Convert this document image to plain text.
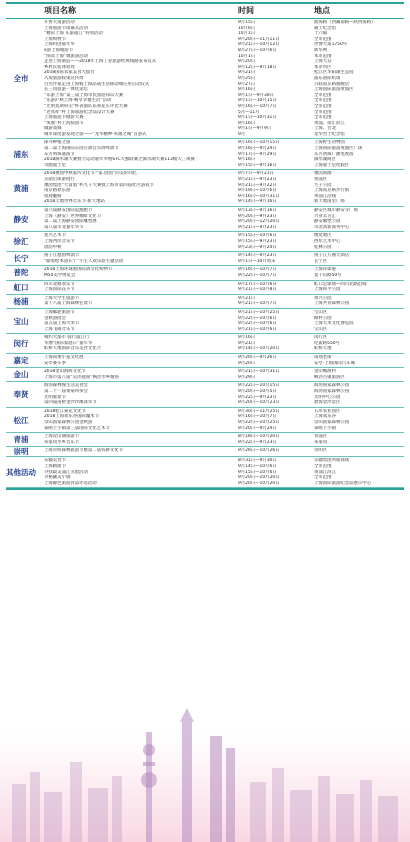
项目名称	时间	地点
全市
开香大道游活动	9月15日	淮海路（西藏南路—陕西南路）
上海旅游节闭幕式活动	10月6日	通士纪念馆
“精彩上海 乐游浦江”特别活动	10月1日	十六铺
上海购物节	9月20日—11月11日	全市范围
上海科创嘉年华	9月21日—10月12日	世博大道1750号
e游上海微游节	8月27日—10月6日	新华网
“阅读上海”微旅游活动	10月1日	本市范围
走进上海制造——2018年上海工业旅游经典线路发布仪式	9月20日	上海大众
乡村民宿体验周	9月12日—9月18日	本市所区
2018国际农家美食大擂台	9月21日	松江区华阳湖生态园
入境旅游政策宣传周	9月25日	浦东国际机场
百名作家走进上海暨上海品质生活移动端应用启动仪式	9月27日	百联南京路旗舰店
长三角旅游一体化论坛	9月16日	上海国际旅游度假区
“乐游上海”第三届上海市民旅游知识大赛	9月1日—9月30日	全市范围
“乐游沪秋上海·畅享幸福生活”活动	9月1日—10月15日	全市范围
“光明莫斯科尖”杯表演队伍和花车评比大赛	9月16日—10月7日	全市范围
“老凤祥”杯上海旅游纪念品设计大赛	5月—11月	全市范围
上海旅游节摄影大赛	9月1日—10月31日	全市范围
“凤凰”杯上海骑游节	9月16日	黄浦、徐汇滨江
微游戏城	9月1日—9月9日	上海、台北
城市深度游发现之旅——“龙华精神·英雄之城”首游式	9月	龙华烈士纪念馆
浦东
探寻种植之旅	9月16日—10月15日	上海野生动物园
第二届上海国际东园百酒音乐周啤酒节	9月16日—9月24日	上海国际旅游度假区广场
东方明珠嘉游节	9月17日—9月29日	东方明珠广播电视塔
2018滴水湖大赛暨力运动嘉年华暨STC大独联赛之滴水湖大赛113级大三项赛	9月16日	滴水湖商区
奇跑迪士尼	9月15日—9月16日	上海迪士尼度假区
黄浦
2018豫园中秋家传文化节·“家.园园”的美好回忆	9月7日—9月21日	豫园商圈
京剧后街游园行	9月21日—9月23日	黄浦区
豫园集团“大富翁”杯九子大赛暨上海市第四届社区游戏节	9月21日—9月22日	九子公园
南京路欢乐游	9月19日—10月6日	上海南京路步行街
夜观魅路	9月16日—10月31日	黄浦江沿线
2018天地世界音乐节·新天地站	9月14日—9月16日	新天地南里广场
静安
第六届静安国际起跑跑节	9月13日—9月16日	静安区城市静安寺广场
上海（静安）世界咖啡文化节	9月20日—9月23日	兴业太古汇
第二届上海静安国际雕塑展	9月20日—12月20日	静安雕塑公园
第八届市北嘉年华节	9月21日—9月23日	市北高新商务中心
徐汇
复兴艺术节	9月15日—10月6日	衡复地区
上海西岸音乐节	9月15日—9月23日	西岸艺术中心
唐韵中秋	9月23日—9月24日	桂林公园
长宁	扬子江德国啤酒节	9月14日—9月23日	扬子江万丽大酒店
“跟着绘本游长宁”小主人欢乐游主题活动	9月1日—10月周末	长宁区
普陀	2018上海环球港国际酒文化购物节	9月16日—10月7日	上海环球港
M50美学博览会	9月22日—10月7日	莫干山路50号
虹口	四川北路欢乐节	9月17日—10月6日	虹口足球场—四川北路沿线
上海国际花卉节	9月21日—10月8日	上海和平公园
杨浦	上海大学生旅游节	9月21日	黄兴公园
第十八届上海森林狂欢节	9月21日—10月7日	上海共青森林公园
宝山
上海邮轮旅游节	9月21日—10月25日	宝山区
金秋游园会	9月22日—10月6日	顾村公园
第五届上海大米节	9月22日—10月6日	上海大米文化博览园
上海飞碟音乐节	9月21日—10月6日	宝山区
闵行
相约大都市 骑行浦江行	9月16日	闵行区
华漕“国际家庭日”嘉年华	9月21日	纪翟路550号
虹桥天地国际音乐美食文化月	9月14日—10月20日	虹桥天地
嘉定	上海南翔小笼文化展	9月20日—9月26日	南翔老街
安亭赛车季	9月20日	安亭·上海国际汽车城
金山	2018金山海鲜文化节	9月21日—10月31日	金山嘴渔村
上海市第八届“吴泾越商”枫泾水乡婚俗	9月29日	枫泾古镇旅游区
奉贤
海湾森林慢生活美食会	9月22日—10月15日	海湾国家森林公园
第二十一届菜菊风筝会	9月20日—10月5日	海湾国家森林公园
光明庭欢节	9月22日—9月23日	光明中心公园
第四届南桥金沙沙滩泳水节	9月20日—10月23日	碧海金沙景区
松江
2018松江菊花文化节	9月30日—11月25日	五厍农业园区
2018上海欢乐谷国际魔术节	9月16日—10月7日	上海欢乐谷
佘山国家森林公园金秋游	9月22日—10月25日	佘山国家森林公园
泰晤士小镇第三届国际文化艺术节	9月20日—9月24日	泰晤士小镇
青浦	上海淀山湖旅游节	8月18日—10月20日	青浦区
朱家角水乡音乐节	9月22日—9月23日	朱家角
崇明	上海崇明森林旅游节暨第二届农耕文化节	9月26日—10月26日	崇明区
其他活动
东疆美食节	8月31日—9月30日	东疆集团所辖商场
上海踏街节	9月14日—10月6日	全市范围
寻找最美浦江笑脸活动	9月15日—10月6日	黄浦江滨江
寻秘藏美小镇	9月20日—10月20日	全市范围
上海静色旅游食品评选活动	9月20日—10月20日	上海国际旅游纪念品展示中心
